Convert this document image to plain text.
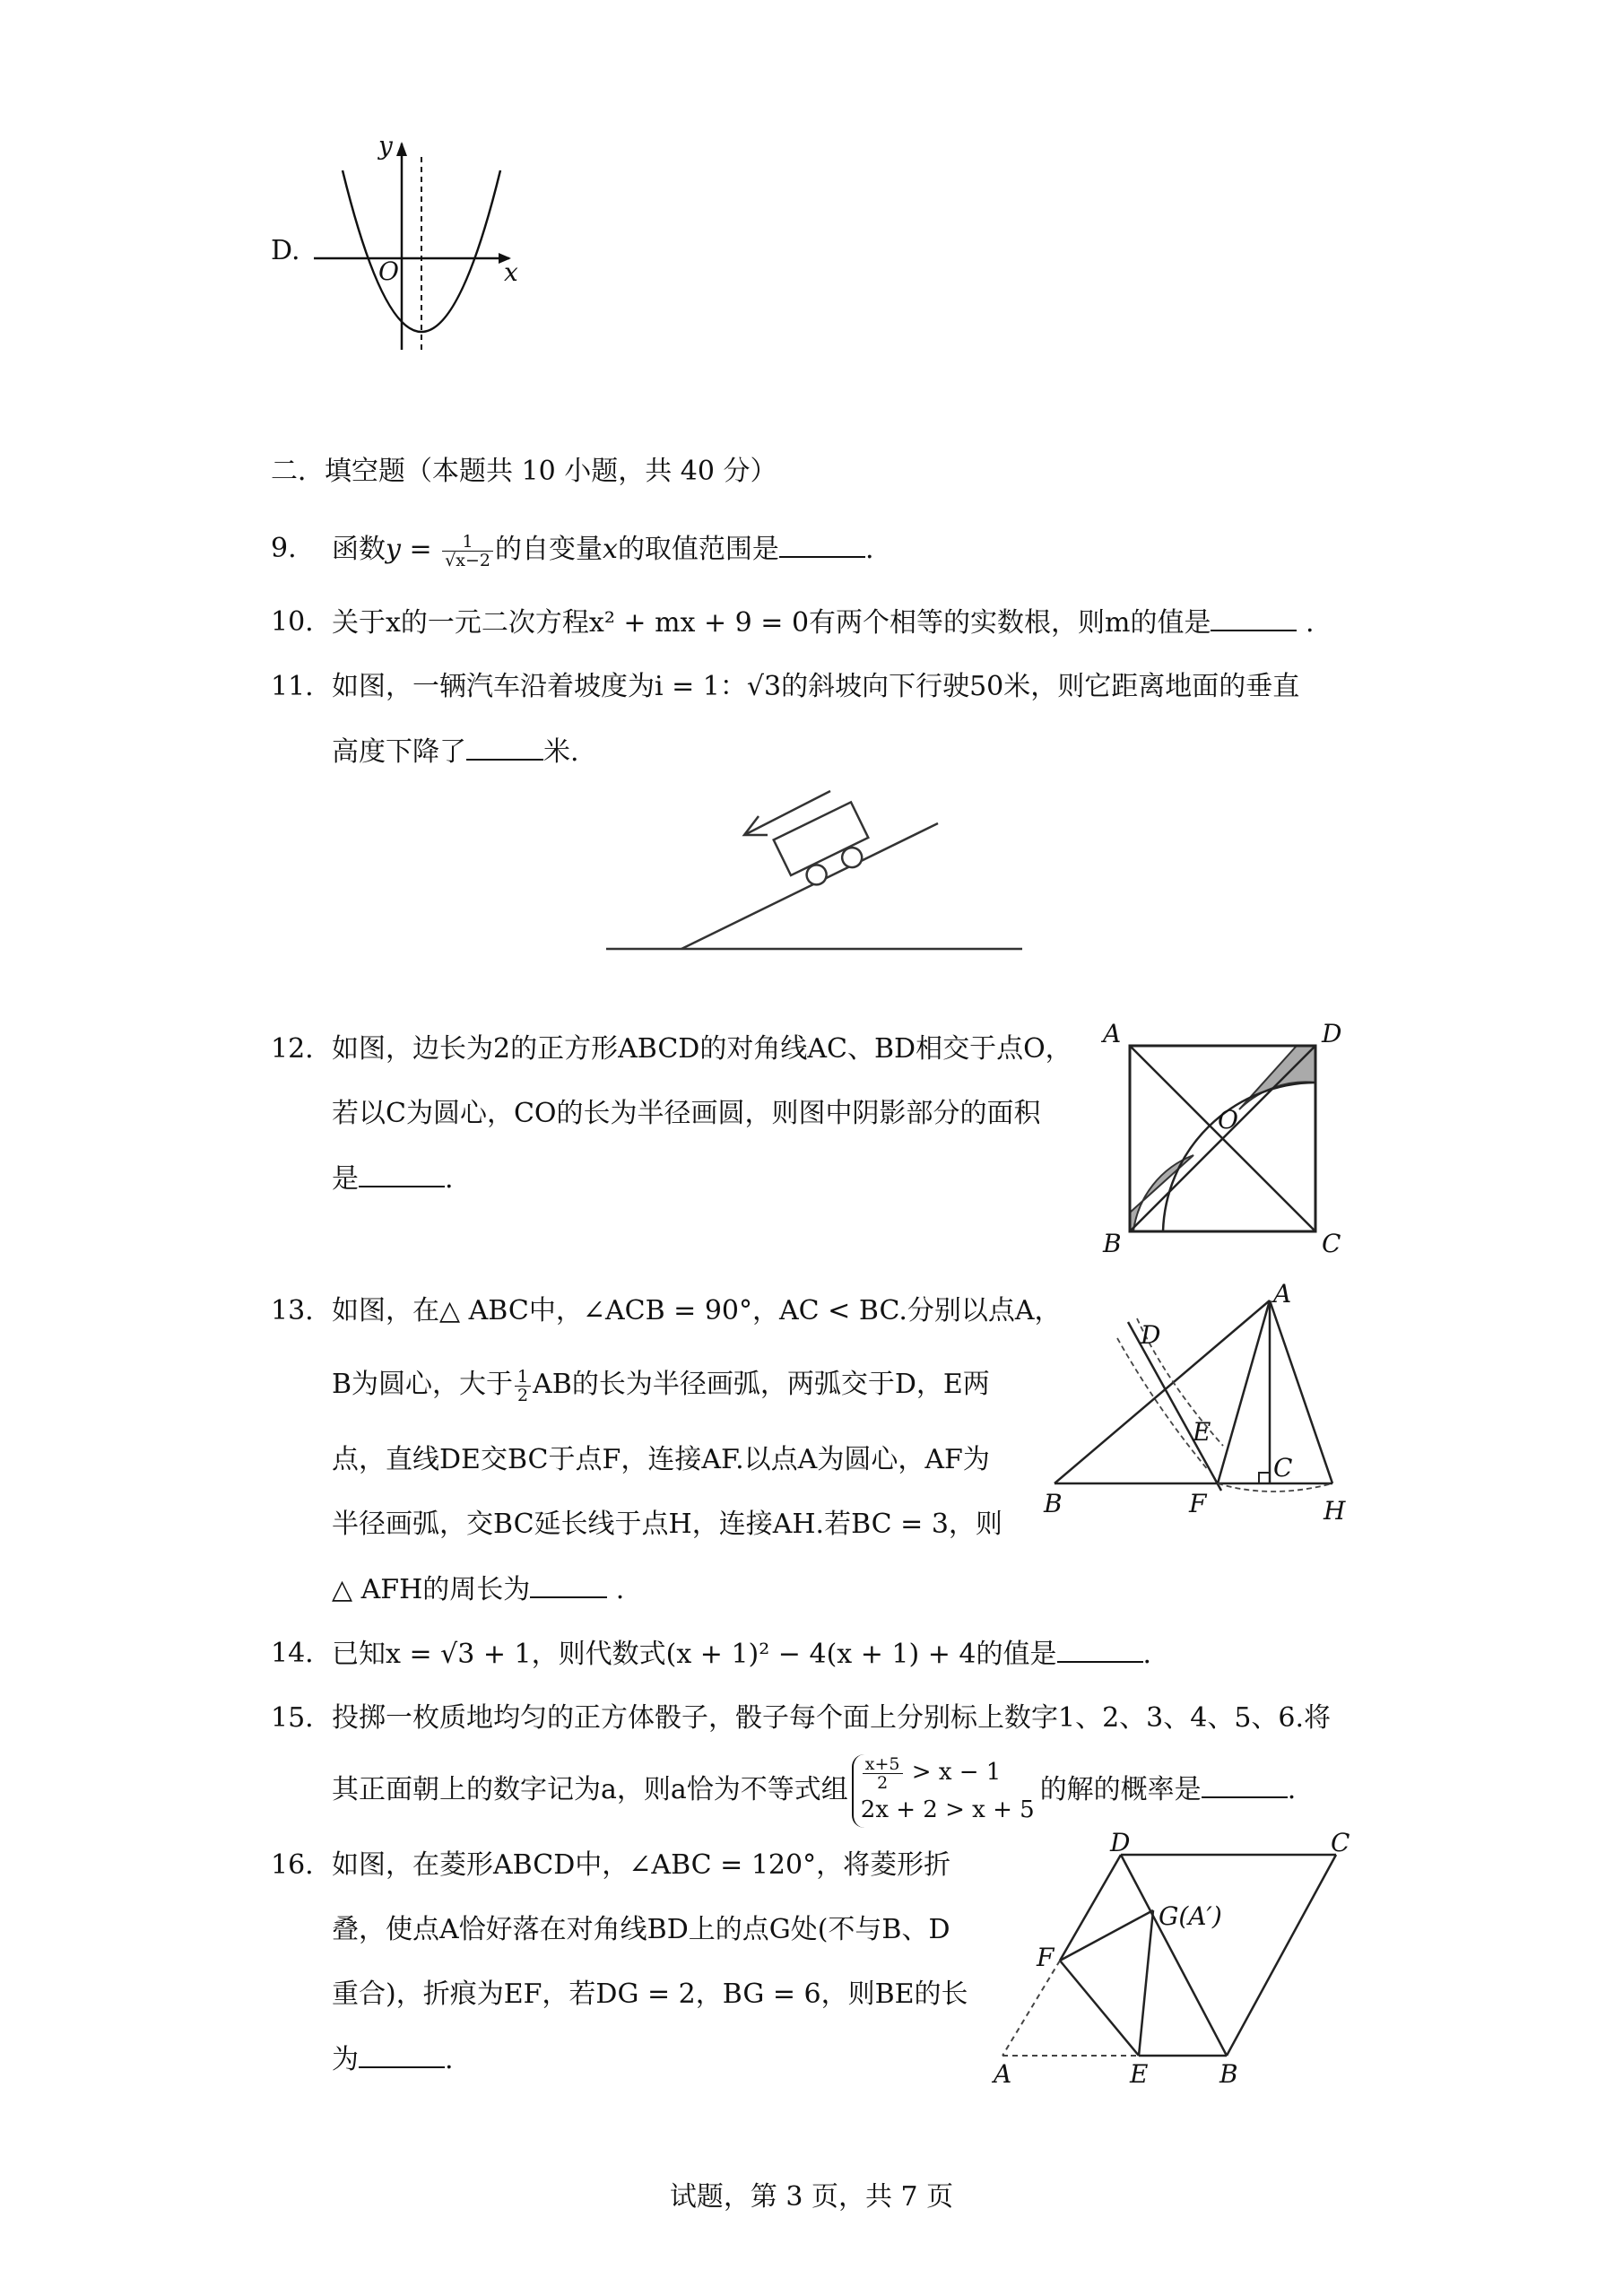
D.
y
x
O
二．填空题（本题共 10 小题，共 40 分）
9. 函数$y = \frac{1}{√x-2}$ 的自变量x的取值范围是	.
10. 关于x的一元二次方程x² + mx + 9 = 0有两个相等的实数根，则m的值是	.
11. 如图，一辆汽车沿着坡度为i = 1：√3的斜坡向下行驶50米，则它距离地面的垂直
高度下降了	米.
12. 如图，边长为2的正方形ABCD的对角线AC、BD相交于点O，
若以C为圆心，CO的长为半径画圆，则图中阴影部分的面积
是	.
A	D
B	C
O
13. 如图，在△ ABC中，∠ACB = 90°，AC < BC.分别以点A，
B为圆心，大于 $\frac{1}{2}$ AB的长为半径画弧，两弧交于D，E两
点，直线DE交BC于点F，连接AF.以点A为圆心，AF为
半径画弧，交BC延长线于点H，连接AH.若BC = 3，则
△ AFH的周长为	.
A
B
C
D
E
F	H
14. 已知x = √3 + 1，则代数式(x + 1)² − 4(x + 1) + 4的值是	.
15. 投掷一枚质地均匀的正方体骰子，骰子每个面上分别标上数字1、2、3、4、5、6.将
其正面朝上的数字记为a，则a恰为不等式组 $\frac{x+5}{2} > x - 1$
2x + 2 > x + 5
的解的概率是	.
16. 如图，在菱形ABCD中，∠ABC = 120°，将菱形折
叠，使点A恰好落在对角线BD上的点G处(不与B、D
重合)，折痕为EF，若DG = 2，BG = 6，则BE的长
为	.
D	C
G(A′)
F
A	E	B
试题，第 3 页，共 7 页
